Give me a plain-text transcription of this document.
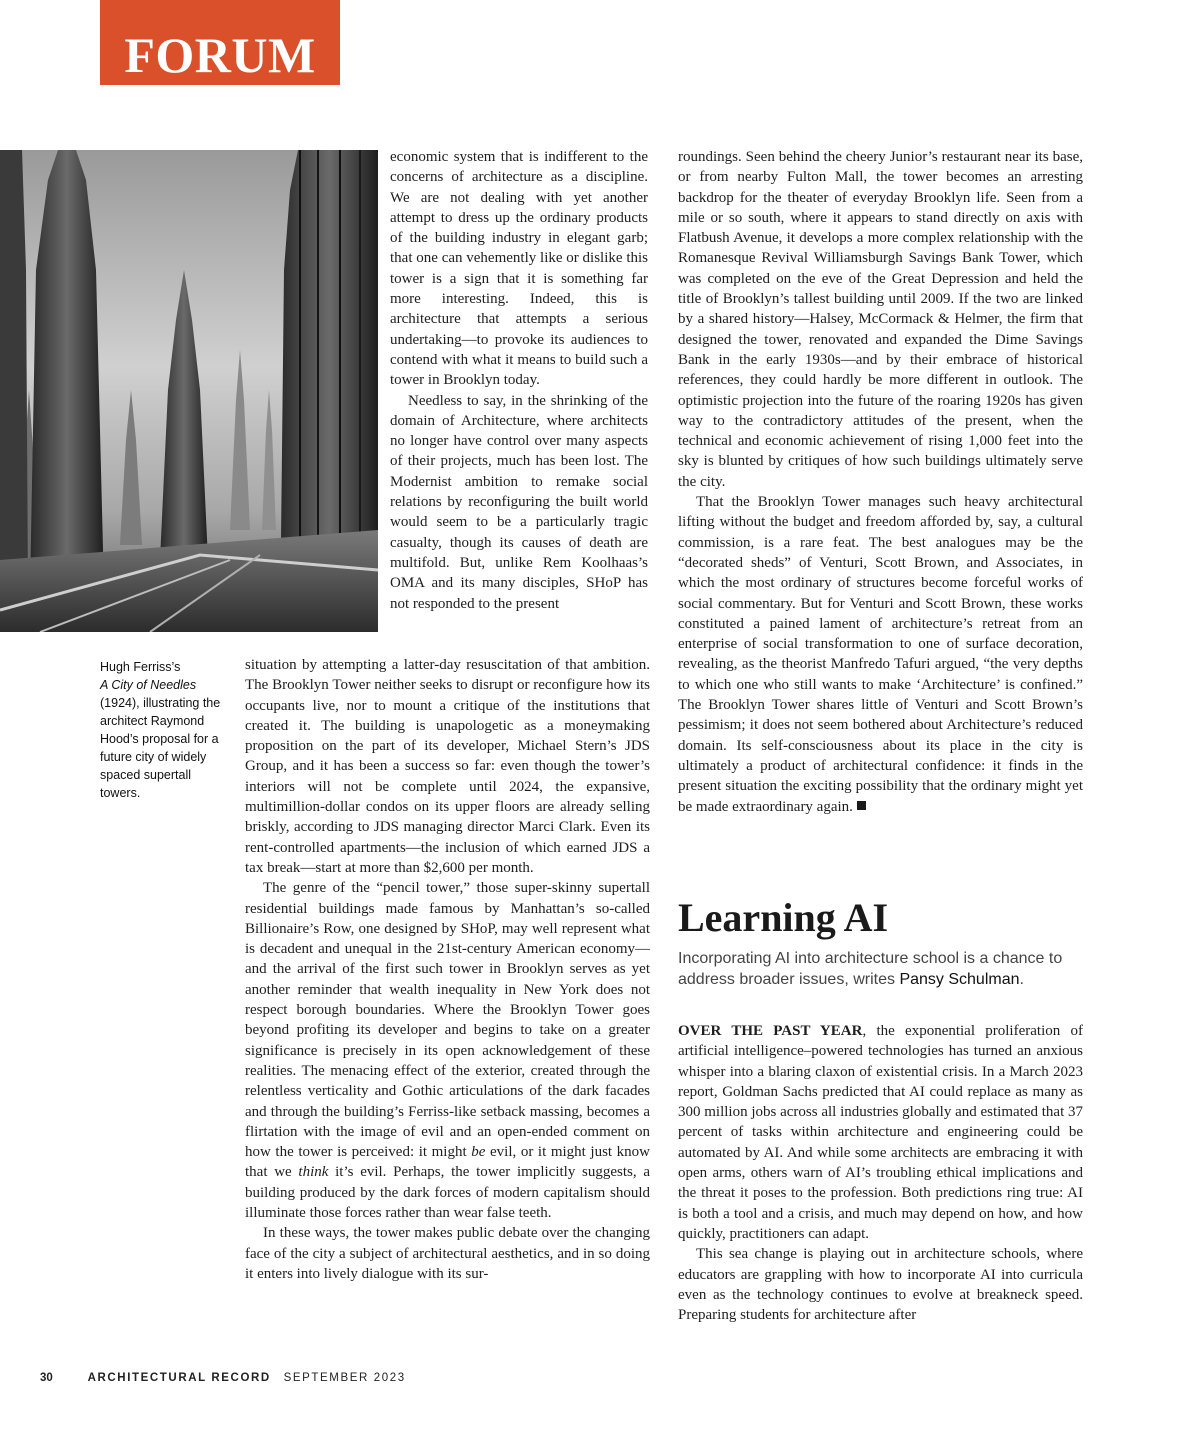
FORUM
Hugh Ferriss’s
A City of Needles (1924), illustrating the architect Raymond Hood’s proposal for a future city of widely spaced supertall towers.

economic system that is indifferent to the concerns of architecture as a discipline. We are not dealing with yet another attempt to dress up the ordinary products of the building industry in elegant garb; that one can vehemently like or dislike this tower is a sign that it is something far more interesting. Indeed, this is architecture that attempts a serious undertaking—to provoke its audiences to contend with what it means to build such a tower in Brooklyn today.

Needless to say, in the shrinking of the domain of Architecture, where architects no longer have control over many aspects of their projects, much has been lost. The Modernist ambition to remake social relations by reconfiguring the built world would seem to be a particularly tragic casualty, though its causes of death are multifold. But, unlike Rem Koolhaas’s OMA and its many disciples, SHoP has not responded to the present

situation by attempting a latter-day resuscitation of that ambition. The Brooklyn Tower neither seeks to disrupt or reconfigure how its occupants live, nor to mount a critique of the institutions that created it. The building is unapologetic as a moneymaking proposition on the part of its developer, Michael Stern’s JDS Group, and it has been a success so far: even though the tower’s interiors will not be complete until 2024, the expansive, multimillion-dollar condos on its upper floors are already selling briskly, according to JDS managing director Marci Clark. Even its rent-controlled apartments—the inclusion of which earned JDS a tax break—start at more than $2,600 per month.

The genre of the “pencil tower,” those super-skinny supertall residential buildings made famous by Manhattan’s so-called Billionaire’s Row, one designed by SHoP, may well represent what is decadent and unequal in the 21st-century American economy—and the arrival of the first such tower in Brooklyn serves as yet another reminder that wealth inequality in New York does not respect borough boundaries. Where the Brooklyn Tower goes beyond profiting its developer and begins to take on a greater significance is precisely in its open acknowledgement of these realities. The menacing effect of the exterior, created through the relentless verticality and Gothic articulations of the dark facades and through the building’s Ferriss-like setback massing, becomes a flirtation with the image of evil and an open-ended comment on how the tower is perceived: it might be evil, or it might just know that we think it’s evil. Perhaps, the tower implicitly suggests, a building produced by the dark forces of modern capitalism should illuminate those forces rather than wear false teeth.

In these ways, the tower makes public debate over the changing face of the city a subject of architectural aesthetics, and in so doing it enters into lively dialogue with its sur-

roundings. Seen behind the cheery Junior’s restaurant near its base, or from nearby Fulton Mall, the tower becomes an arresting backdrop for the theater of everyday Brooklyn life. Seen from a mile or so south, where it appears to stand directly on axis with Flatbush Avenue, it develops a more complex relationship with the Romanesque Revival Williamsburgh Savings Bank Tower, which was completed on the eve of the Great Depression and held the title of Brooklyn’s tallest building until 2009. If the two are linked by a shared history—Halsey, McCormack & Helmer, the firm that designed the tower, renovated and expanded the Dime Savings Bank in the early 1930s—and by their embrace of historical references, they could hardly be more different in outlook. The optimistic projection into the future of the roaring 1920s has given way to the contradictory attitudes of the present, when the technical and economic achievement of rising 1,000 feet into the sky is blunted by critiques of how such buildings ultimately serve the city.

That the Brooklyn Tower manages such heavy architectural lifting without the budget and freedom afforded by, say, a cultural commission, is a rare feat. The best analogues may be the “decorated sheds” of Venturi, Scott Brown, and Associates, in which the most ordinary of structures become forceful works of social commentary. But for Venturi and Scott Brown, these works constituted a pained lament of architecture’s retreat from an enterprise of social transformation to one of surface decoration, revealing, as the theorist Manfredo Tafuri argued, “the very depths to which one who still wants to make ‘Architecture’ is confined.” The Brooklyn Tower shares little of Venturi and Scott Brown’s pessimism; it does not seem bothered about Architecture’s reduced domain. Its self-consciousness about its place in the city is ultimately a product of architectural confidence: it finds in the present situation the exciting possibility that the ordinary might yet be made extraordinary again.

Learning AI
Incorporating AI into architecture school is a chance to address broader issues, writes Pansy Schulman.

OVER THE PAST YEAR, the exponential proliferation of artificial intelligence–powered technologies has turned an anxious whisper into a blaring claxon of existential crisis. In a March 2023 report, Goldman Sachs predicted that AI could replace as many as 300 million jobs across all industries globally and estimated that 37 percent of tasks within architecture and engineering could be automated by AI. And while some architects are embracing it with open arms, others warn of AI’s troubling ethical implications and the threat it poses to the profession. Both predictions ring true: AI is both a tool and a crisis, and much may depend on how, and how quickly, practitioners can adapt.

This sea change is playing out in architecture schools, where educators are grappling with how to incorporate AI into curricula even as the technology continues to evolve at breakneck speed. Preparing students for architecture after

30	ARCHITECTURAL RECORD SEPTEMBER 2023
